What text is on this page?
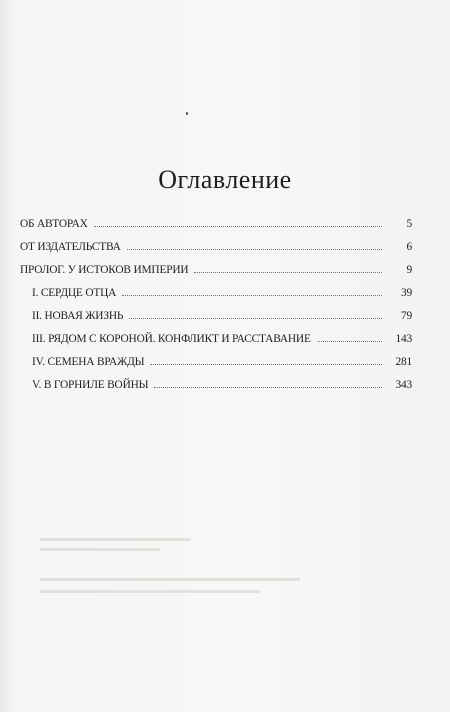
Оглавление
ОБ АВТОРАХ	5
ОТ ИЗДАТЕЛЬСТВА	6
ПРОЛОГ. У ИСТОКОВ ИМПЕРИИ	9
I. СЕРДЦЕ ОТЦА	39
II. НОВАЯ ЖИЗНЬ	79
III. РЯДОМ С КОРОНОЙ. КОНФЛИКТ И РАССТАВАНИЕ	143
IV. СЕМЕНА ВРАЖДЫ	281
V. В ГОРНИЛЕ ВОЙНЫ	343
